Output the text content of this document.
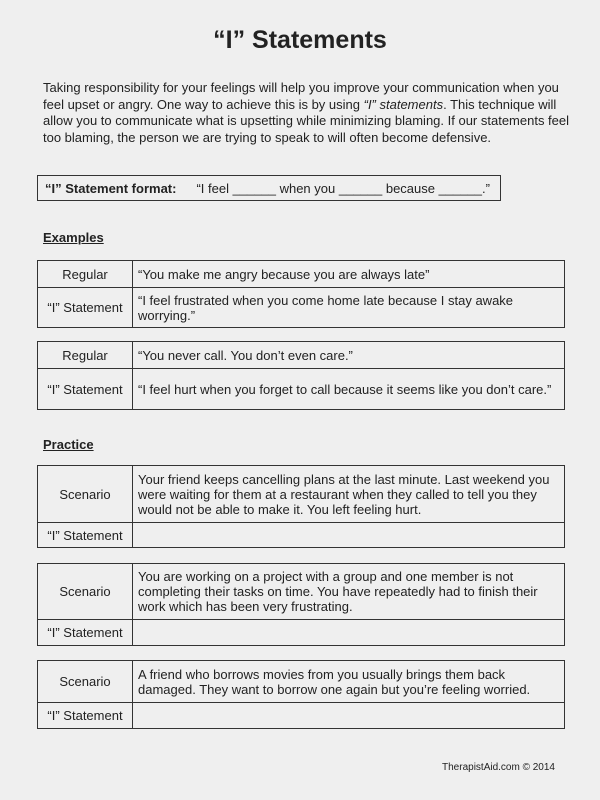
“I” Statements
Taking responsibility for your feelings will help you improve your communication when you feel upset or angry. One way to achieve this is by using “I” statements. This technique will allow you to communicate what is upsetting while minimizing blaming. If our statements feel too blaming, the person we are trying to speak to will often become defensive.
“I” Statement format: “I feel ______ when you ______ because ______.”
Examples
Regular	“You make me angry because you are always late”
“I” Statement	“I feel frustrated when you come home late because I stay awake worrying.”
Regular	“You never call. You don’t even care.”
“I” Statement	“I feel hurt when you forget to call because it seems like you don’t care.”
Practice
Scenario	Your friend keeps cancelling plans at the last minute. Last weekend you were waiting for them at a restaurant when they called to tell you they would not be able to make it. You left feeling hurt.
“I” Statement	
Scenario	You are working on a project with a group and one member is not completing their tasks on time. You have repeatedly had to finish their work which has been very frustrating.
“I” Statement	
Scenario	A friend who borrows movies from you usually brings them back damaged. They want to borrow one again but you’re feeling worried.
“I” Statement	
TherapistAid.com © 2014
